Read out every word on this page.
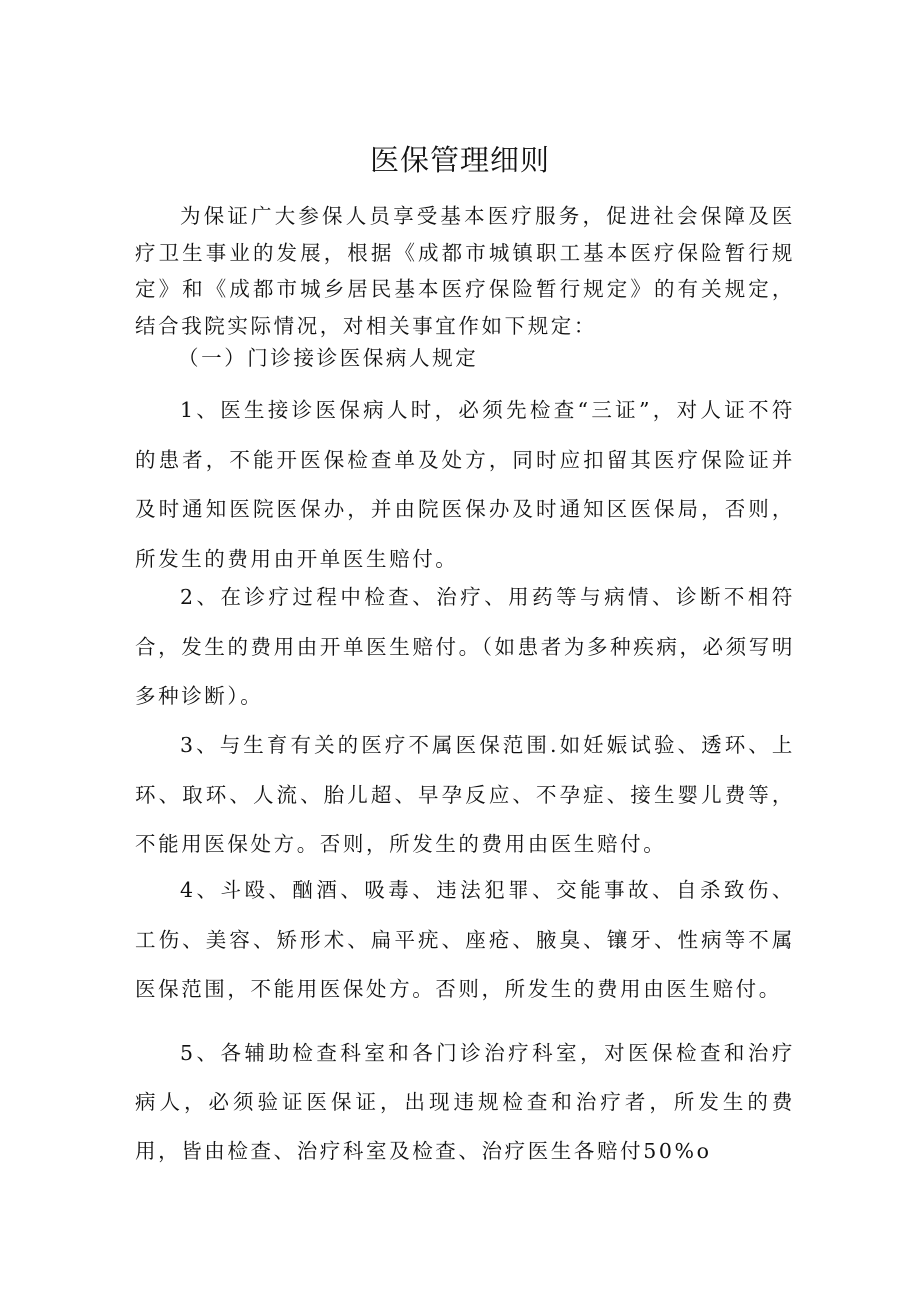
医保管理细则

为保证广大参保人员享受基本医疗服务，促进社会保障及医疗卫生事业的发展，根据《成都市城镇职工基本医疗保险暂行规定》和《成都市城乡居民基本医疗保险暂行规定》的有关规定，结合我院实际情况，对相关事宜作如下规定：

（一）门诊接诊医保病人规定

1、医生接诊医保病人时，必须先检查“三证”，对人证不符的患者，不能开医保检查单及处方，同时应扣留其医疗保险证并及时通知医院医保办，并由院医保办及时通知区医保局，否则，所发生的费用由开单医生赔付。

2、在诊疗过程中检查、治疗、用药等与病情、诊断不相符合，发生的费用由开单医生赔付。（如患者为多种疾病，必须写明多种诊断）。

3、与生育有关的医疗不属医保范围.如妊娠试验、透环、上环、取环、人流、胎儿超、早孕反应、不孕症、接生婴儿费等，不能用医保处方。否则，所发生的费用由医生赔付。

4、斗殴、酗酒、吸毒、违法犯罪、交能事故、自杀致伤、工伤、美容、矫形术、扁平疣、座疮、腋臭、镶牙、性病等不属医保范围，不能用医保处方。否则，所发生的费用由医生赔付。

5、各辅助检查科室和各门诊治疗科室，对医保检查和治疗病人，必须验证医保证，出现违规检查和治疗者，所发生的费用，皆由检查、治疗科室及检查、治疗医生各赔付50%o
